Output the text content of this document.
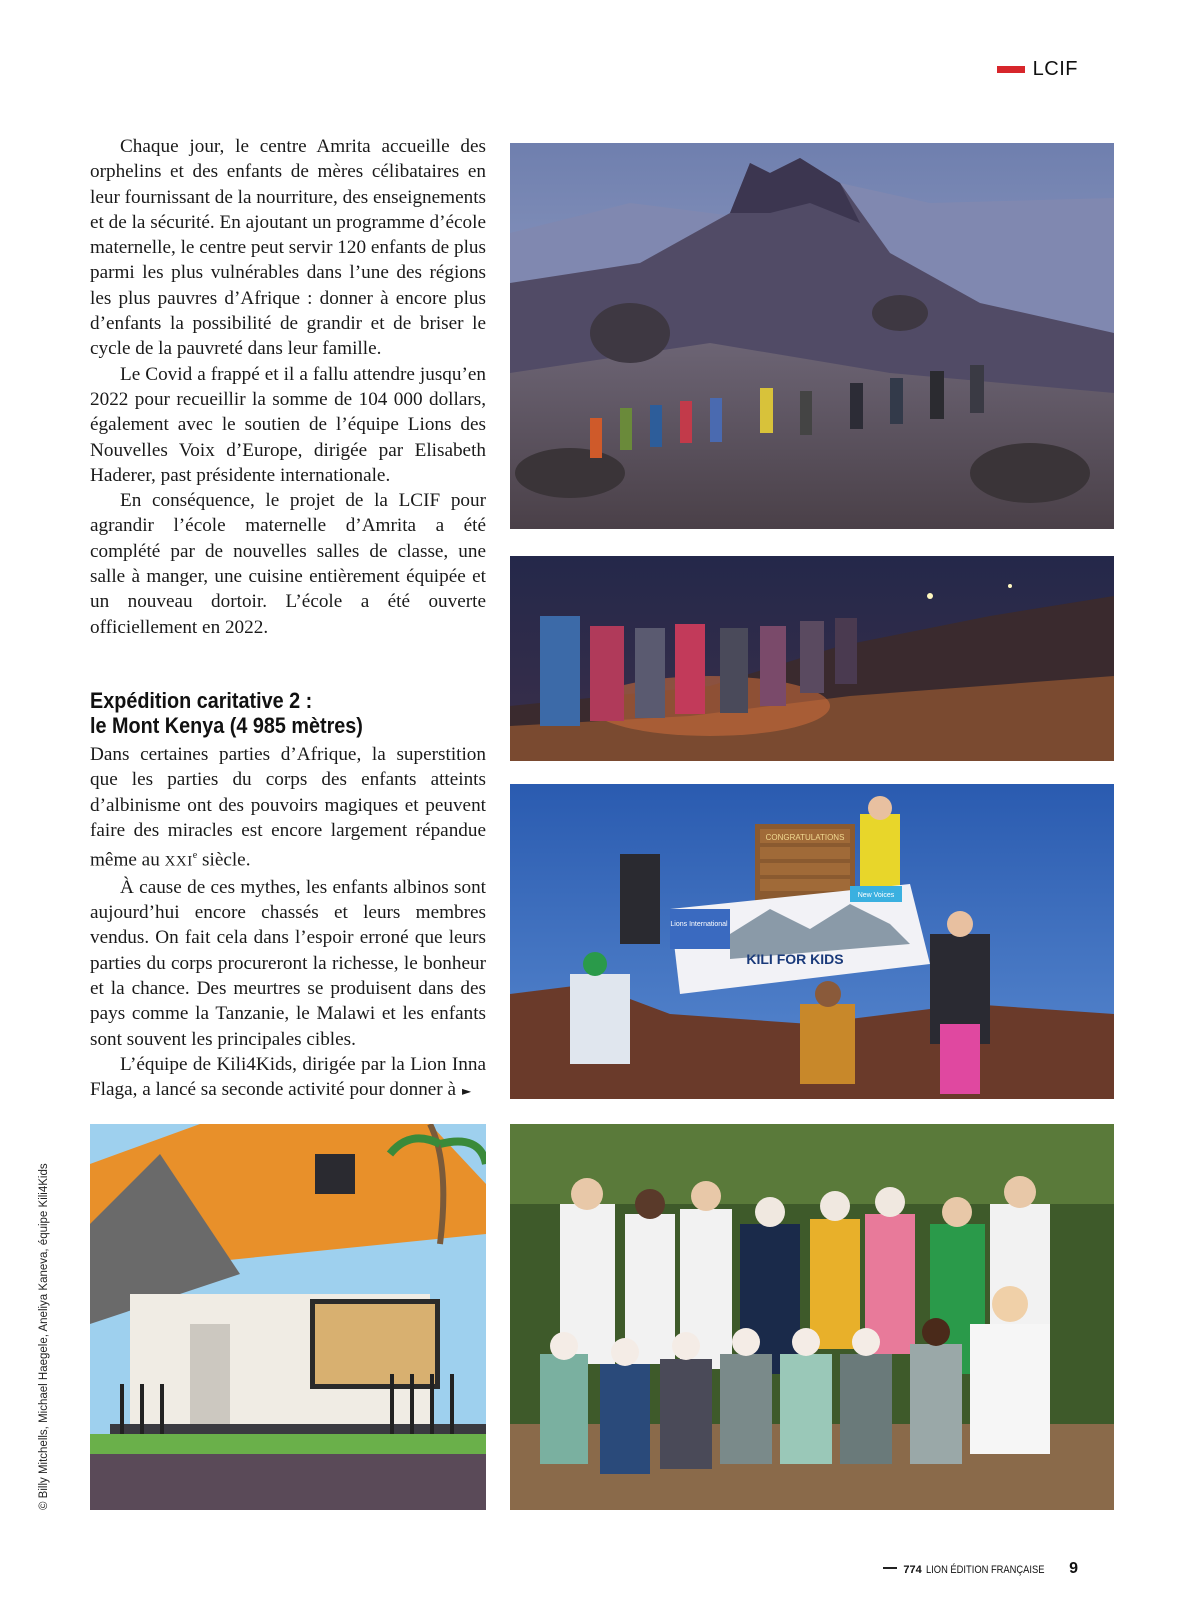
LCIF

Chaque jour, le centre Amrita accueille des orphelins et des enfants de mères célibataires en leur fournissant de la nourriture, des enseignements et de la sécurité. En ajoutant un programme d’école maternelle, le centre peut servir 120 enfants de plus parmi les plus vulnérables dans l’une des régions les plus pauvres d’Afrique : donner à encore plus d’enfants la possibilité de grandir et de briser le cycle de la pauvreté dans leur famille.

Le Covid a frappé et il a fallu attendre jusqu’en 2022 pour recueillir la somme de 104 000 dollars, également avec le soutien de l’équipe Lions des Nouvelles Voix d’Europe, dirigée par Elisabeth Haderer, past présidente internationale.

En conséquence, le projet de la LCIF pour agrandir l’école maternelle d’Amrita a été complété par de nouvelles salles de classe, une salle à manger, une cuisine entièrement équipée et un nouveau dortoir. L’école a été ouverte officiellement en 2022.

Expédition caritative 2 :
le Mont Kenya (4 985 mètres)

Dans certaines parties d’Afrique, la superstition que les parties du corps des enfants atteints d’albinisme ont des pouvoirs magiques et peuvent faire des miracles est encore largement répandue même au XXIe siècle.

À cause de ces mythes, les enfants albinos sont aujourd’hui encore chassés et leurs membres vendus. On fait cela dans l’espoir erroné que leurs parties du corps procureront la richesse, le bonheur et la chance. Des meurtres se produisent dans des pays comme la Tanzanie, le Malawi et les enfants sont souvent les principales cibles.

L’équipe de Kili4Kids, dirigée par la Lion Inna Flaga, a lancé sa seconde activité pour donner à ►

CONGRATULATIONS
Lions International
New Voices
KILI FOR KIDS
© Billy Mitchells, Michael Haegele, Aneliya Kaneva, équipe Kili4Kids
774 LION ÉDITION FRANÇAISE 9
